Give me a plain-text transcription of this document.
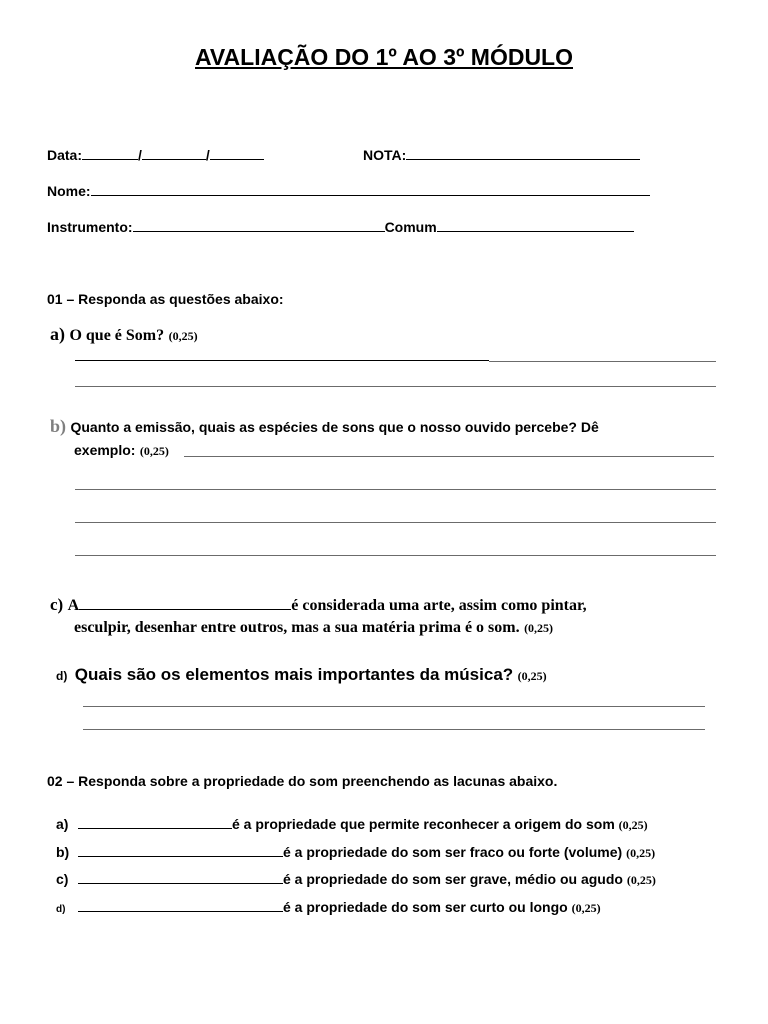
AVALIAÇÃO DO 1º AO 3º MÓDULO
Data:	/	/	NOTA:
Nome:
Instrumento:	Comum
01 – Responda as questões abaixo:
a) O que é Som? (0,25)
b) Quanto a emissão, quais as espécies de sons que o nosso ouvido percebe? Dê
exemplo: (0,25)
c) A	é considerada uma arte, assim como pintar,
esculpir, desenhar entre outros, mas a sua matéria prima é o som. (0,25)
d) Quais são os elementos mais importantes da música? (0,25)
02 – Responda sobre a propriedade do som preenchendo as lacunas abaixo.
a)	é a propriedade que permite reconhecer a origem do som (0,25)
b)	é a propriedade do som ser fraco ou forte (volume) (0,25)
c)	é a propriedade do som ser grave, médio ou agudo (0,25)
d)	é a propriedade do som ser curto ou longo (0,25)
